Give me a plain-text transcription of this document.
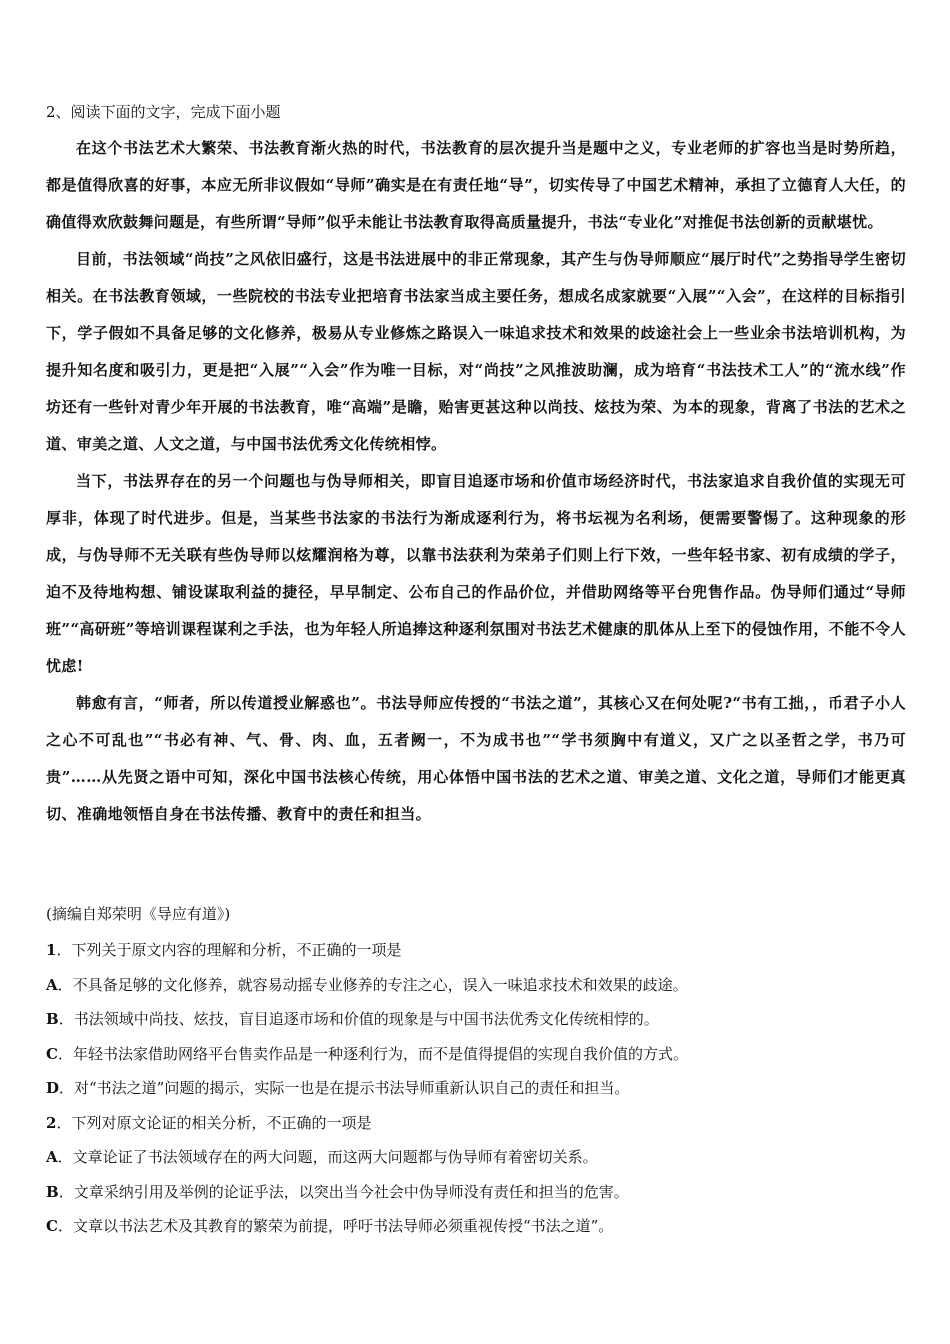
2、阅读下面的文字，完成下面小题

在这个书法艺术大繁荣、书法教育渐火热的时代，书法教育的层次提升当是题中之义，专业老师的扩容也当是时势所趋，都是值得欣喜的好事，本应无所非议假如“导师”确实是在有责任地“导”，切实传导了中国艺术精神，承担了立德育人大任，的确值得欢欣鼓舞问题是，有些所谓“导师”似乎未能让书法教育取得高质量提升，书法“专业化”对推促书法创新的贡献堪忧。

目前，书法领域“尚技”之风依旧盛行，这是书法进展中的非正常现象，其产生与伪导师顺应“展厅时代”之势指导学生密切相关。在书法教育领域，一些院校的书法专业把培育书法家当成主要任务，想成名成家就要“入展”“入会”，在这样的目标指引下，学子假如不具备足够的文化修养，极易从专业修炼之路误入一味追求技术和效果的歧途社会上一些业余书法培训机构，为提升知名度和吸引力，更是把“入展”“入会”作为唯一目标，对“尚技”之风推波助澜，成为培育“书法技术工人”的“流水线”作坊还有一些针对青少年开展的书法教育，唯“高端”是瞻，贻害更甚这种以尚技、炫技为荣、为本的现象，背离了书法的艺术之道、审美之道、人文之道，与中国书法优秀文化传统相悖。

当下，书法界存在的另一个问题也与伪导师相关，即盲目追逐市场和价值市场经济时代，书法家追求自我价值的实现无可厚非，体现了时代进步。但是，当某些书法家的书法行为渐成逐利行为，将书坛视为名利场，便需要警惕了。这种现象的形成，与伪导师不无关联有些伪导师以炫耀润格为尊，以靠书法获利为荣弟子们则上行下效，一些年轻书家、初有成绩的学子，迫不及待地构想、铺设谋取利益的捷径，早早制定、公布自己的作品价位，并借助网络等平台兜售作品。伪导师们通过“导师班”“高研班”等培训课程谋利之手法，也为年轻人所追捧这种逐利氛围对书法艺术健康的肌体从上至下的侵蚀作用，不能不令人忧虑!

韩愈有言，“师者，所以传道授业解惑也”。书法导师应传授的“书法之道”，其核心又在何处呢?“书有工拙，，币君子小人之心不可乱也”“书必有神、气、骨、肉、血，五者阙一，不为成书也”“学书须胸中有道义，又广之以圣哲之学，书乃可贵”……从先贤之语中可知，深化中国书法核心传统，用心体悟中国书法的艺术之道、审美之道、文化之道，导师们才能更真切、准确地领悟自身在书法传播、教育中的责任和担当。

(摘编自郑荣明《导应有道》)
1．下列关于原文内容的理解和分析，不正确的一项是
A．不具备足够的文化修养，就容易动摇专业修养的专注之心，误入一味追求技术和效果的歧途。
B．书法领域中尚技、炫技，盲目追逐市场和价值的现象是与中国书法优秀文化传统相悖的。
C．年轻书法家借助网络平台售卖作品是一种逐利行为，而不是值得提倡的实现自我价值的方式。
D．对“书法之道”问题的揭示，实际一也是在提示书法导师重新认识自己的责任和担当。
2．下列对原文论证的相关分析，不正确的一项是
A．文章论证了书法领域存在的两大问题，而这两大问题都与伪导师有着密切关系。
B．文章采纳引用及举例的论证乎法，以突出当今社会中伪导师没有责任和担当的危害。
C．文章以书法艺术及其教育的繁荣为前提，呼吁书法导师必须重视传授“书法之道”。
